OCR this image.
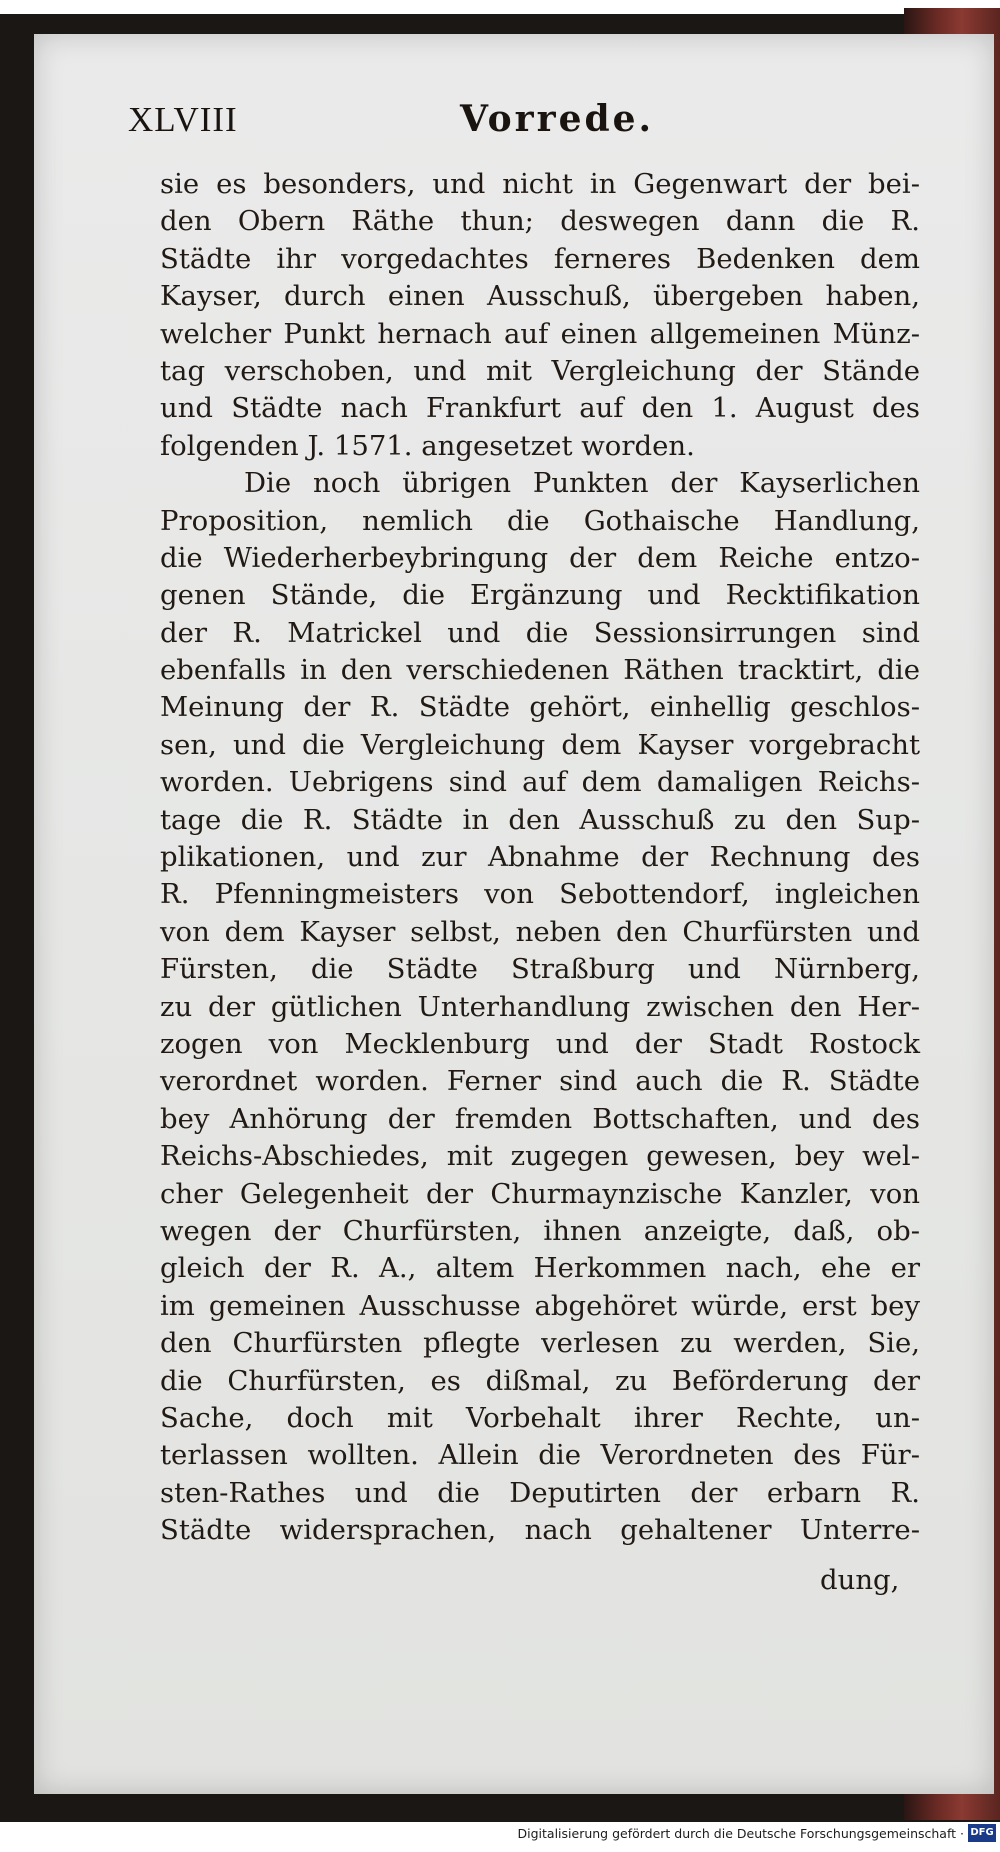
XLVIII	Vorrede.
sie es besonders, und nicht in Gegenwart der bei-
den Obern Räthe thun; deswegen dann die R.
Städte ihr vorgedachtes ferneres Bedenken dem
Kayser, durch einen Ausschuß, übergeben haben,
welcher Punkt hernach auf einen allgemeinen Münz-
tag verschoben, und mit Vergleichung der Stände
und Städte nach Frankfurt auf den 1. August des
folgenden J. 1571. angesetzet worden.
Die noch übrigen Punkten der Kayserlichen
Proposition, nemlich die Gothaische Handlung,
die Wiederherbeybringung der dem Reiche entzo-
genen Stände, die Ergänzung und Recktifikation
der R. Matrickel und die Sessionsirrungen sind
ebenfalls in den verschiedenen Räthen tracktirt, die
Meinung der R. Städte gehört, einhellig geschlos-
sen, und die Vergleichung dem Kayser vorgebracht
worden. Uebrigens sind auf dem damaligen Reichs-
tage die R. Städte in den Ausschuß zu den Sup-
plikationen, und zur Abnahme der Rechnung des
R. Pfenningmeisters von Sebottendorf, ingleichen
von dem Kayser selbst, neben den Churfürsten und
Fürsten, die Städte Straßburg und Nürnberg,
zu der gütlichen Unterhandlung zwischen den Her-
zogen von Mecklenburg und der Stadt Rostock
verordnet worden. Ferner sind auch die R. Städte
bey Anhörung der fremden Bottschaften, und des
Reichs-Abschiedes, mit zugegen gewesen, bey wel-
cher Gelegenheit der Churmaynzische Kanzler, von
wegen der Churfürsten, ihnen anzeigte, daß, ob-
gleich der R. A., altem Herkommen nach, ehe er
im gemeinen Ausschusse abgehöret würde, erst bey
den Churfürsten pflegte verlesen zu werden, Sie,
die Churfürsten, es dißmal, zu Beförderung der
Sache, doch mit Vorbehalt ihrer Rechte, un-
terlassen wollten. Allein die Verordneten des Für-
sten-Rathes und die Deputirten der erbarn R.
Städte widersprachen, nach gehaltener Unterre-
dung,
Digitalisierung gefördert durch die Deutsche Forschungsgemeinschaft · DFG
